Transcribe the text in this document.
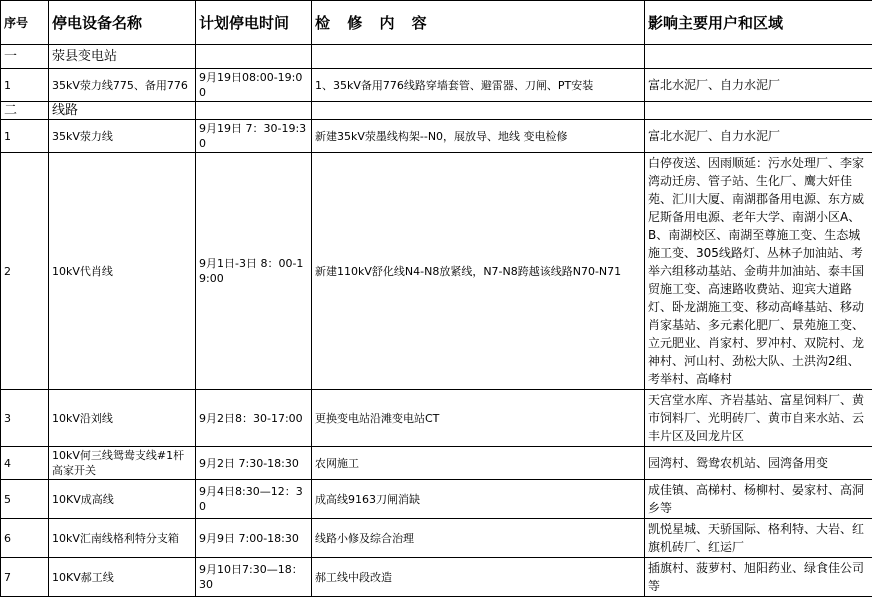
序号	停电设备名称	计划停电时间	检 修 内 容	影响主要用户和区域
一	荥县变电站			
1	35kV荥力线775、备用776	9月19日08:00-19:00	1、35kV备用776线路穿墙套管、避雷器、刀闸、PT安装	富北水泥厂、自力水泥厂
二	线路			
1	35kV荥力线	9月19日 7：30-19:30	新建35kV荥墨线构架--N0，展放导、地线 变电检修	富北水泥厂、自力水泥厂
2	10kV代肖线	9月1日-3日 8：00-19:00	新建110kV舒化线N4-N8放紧线，N7-N8跨越该线路N70-N71	白停夜送、因雨顺延：污水处理厂、李家湾动迁房、管子站、生化厂、鹰大奸佳苑、汇川大厦、南湖郡备用电源、东方威尼斯备用电源、老年大学、南湖小区A、B、南湖校区、南湖至尊施工变、生态城施工变、305线路灯、丛林子加油站、考举六组移动基站、金萌井加油站、泰丰国贸施工变、高速路收费站、迎宾大道路灯、卧龙湖施工变、移动高峰基站、移动肖家基站、多元素化肥厂、景苑施工变、立元肥业、肖家村、罗冲村、双院村、龙神村、河山村、劲松大队、土洪沟2组、考举村、高峰村
3	10kV沿刘线	9月2日8：30-17:00	更换变电站沿滩变电站CT	天宫堂水库、齐岩基站、富星饲料厂、黄市饲料厂、光明砖厂、黄市自来水站、云丰片区及回龙片区
4	10kV何三线鸳鸯支线#1杆高家开关	9月2日 7:30-18:30	农网施工	园湾村、鸳鸯农机站、园湾备用变
5	10KV成高线	9月4日8:30—12：30	成高线9163刀闸消缺	成佳镇、高梯村、杨柳村、晏家村、高洞乡等
6	10kV汇南线格利特分支箱	9月9日 7:00-18:30	线路小修及综合治理	凯悦星城、天骄国际、格利特、大岩、红旗机砖厂、红运厂
7	10KV郝工线	9月10日7:30—18：30	郝工线中段改造	插旗村、菠萝村、旭阳药业、绿食佳公司等
